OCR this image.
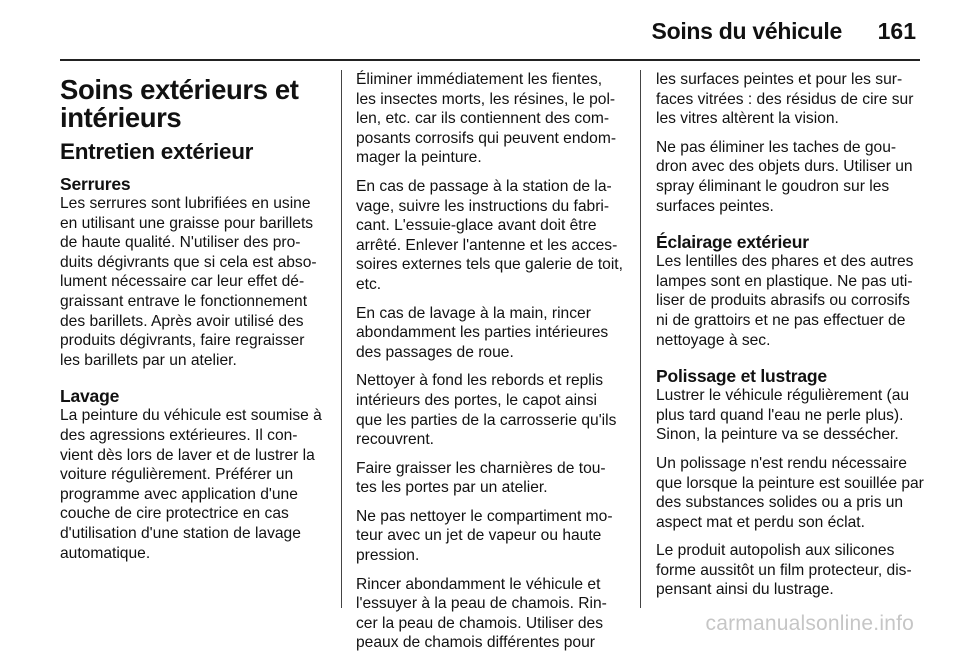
Soins du véhicule 161
Soins extérieurs et intérieurs
Entretien extérieur
Serrures

Les serrures sont lubrifiées en usine en utilisant une graisse pour barillets de haute qualité. N'utiliser des pro-duits dégivrants que si cela est abso-lument nécessaire car leur effet dé-graissant entrave le fonctionnement des barillets. Après avoir utilisé des produits dégivrants, faire regraisser les barillets par un atelier.

Lavage

La peinture du véhicule est soumise à des agressions extérieures. Il con-vient dès lors de laver et de lustrer la voiture régulièrement. Préférer un programme avec application d'une couche de cire protectrice en cas d'utilisation d'une station de lavage automatique.

Éliminer immédiatement les fientes, les insectes morts, les résines, le pol-len, etc. car ils contiennent des com-posants corrosifs qui peuvent endom-mager la peinture.

En cas de passage à la station de la-vage, suivre les instructions du fabri-cant. L'essuie-glace avant doit être arrêté. Enlever l'antenne et les acces-soires externes tels que galerie de toit, etc.

En cas de lavage à la main, rincer abondamment les parties intérieures des passages de roue.

Nettoyer à fond les rebords et replis intérieurs des portes, le capot ainsi que les parties de la carrosserie qu'ils recouvrent.

Faire graisser les charnières de tou-tes les portes par un atelier.

Ne pas nettoyer le compartiment mo-teur avec un jet de vapeur ou haute pression.

Rincer abondamment le véhicule et l'essuyer à la peau de chamois. Rin-cer la peau de chamois. Utiliser des peaux de chamois différentes pour

les surfaces peintes et pour les sur-faces vitrées : des résidus de cire sur les vitres altèrent la vision.

Ne pas éliminer les taches de gou-dron avec des objets durs. Utiliser un spray éliminant le goudron sur les surfaces peintes.

Éclairage extérieur

Les lentilles des phares et des autres lampes sont en plastique. Ne pas uti-liser de produits abrasifs ou corrosifs ni de grattoirs et ne pas effectuer de nettoyage à sec.

Polissage et lustrage

Lustrer le véhicule régulièrement (au plus tard quand l'eau ne perle plus). Sinon, la peinture va se dessécher.

Un polissage n'est rendu nécessaire que lorsque la peinture est souillée par des substances solides ou a pris un aspect mat et perdu son éclat.

Le produit autopolish aux silicones forme aussitôt un film protecteur, dis-pensant ainsi du lustrage.

carmanualsonline.info
